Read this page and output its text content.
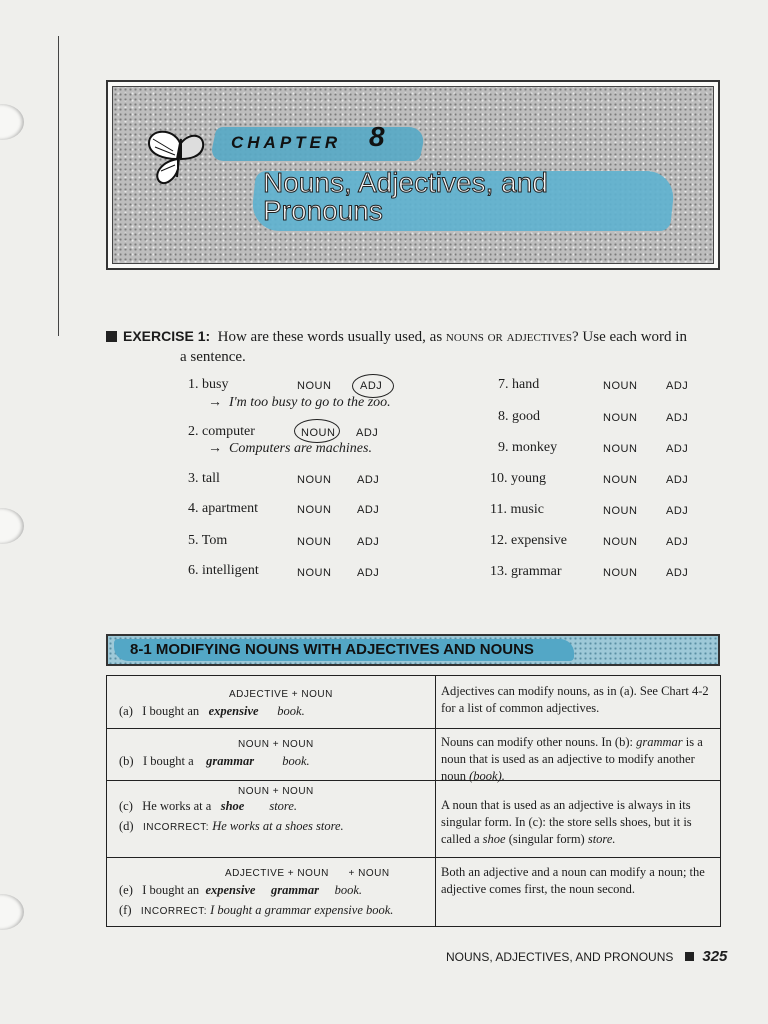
CHAPTER 8
Nouns, Adjectives, and
Pronouns
EXERCISE 1: How are these words usually used, as nouns or adjectives? Use each word in
a sentence.
1. busy	NOUN	ADJ
→ I'm too busy to go to the zoo.
2. computer	NOUN ADJ
→ Computers are machines.
3. tall	NOUN ADJ
4. apartment	NOUN ADJ
5. Tom	NOUN ADJ
6. intelligent	NOUN ADJ
7. hand	NOUN	ADJ
8. good	NOUN	ADJ
9. monkey	NOUN	ADJ
10. young	NOUN	ADJ
11. music	NOUN	ADJ
12. expensive	NOUN	ADJ
13. grammar	NOUN	ADJ
8-1 MODIFYING NOUNS WITH ADJECTIVES AND NOUNS
ADJECTIVE + NOUN
(a) I bought an expensive book.
Adjectives can modify nouns, as in (a). See Chart 4-2 for a list of common adjectives.
NOUN + NOUN
(b) I bought a grammar book.
Nouns can modify other nouns. In (b): grammar is a noun that is used as an adjective to modify another noun (book).
NOUN + NOUN
(c) He works at a shoe store.
(d) INCORRECT: He works at a shoes store.
A noun that is used as an adjective is always in its singular form. In (c): the store sells shoes, but it is called a shoe (singular form) store.
ADJECTIVE + NOUN + NOUN
(e) I bought an expensive grammar book.
(f) INCORRECT: I bought a grammar expensive book.
Both an adjective and a noun can modify a noun; the adjective comes first, the noun second.
NOUNS, ADJECTIVES, AND PRONOUNS 325
